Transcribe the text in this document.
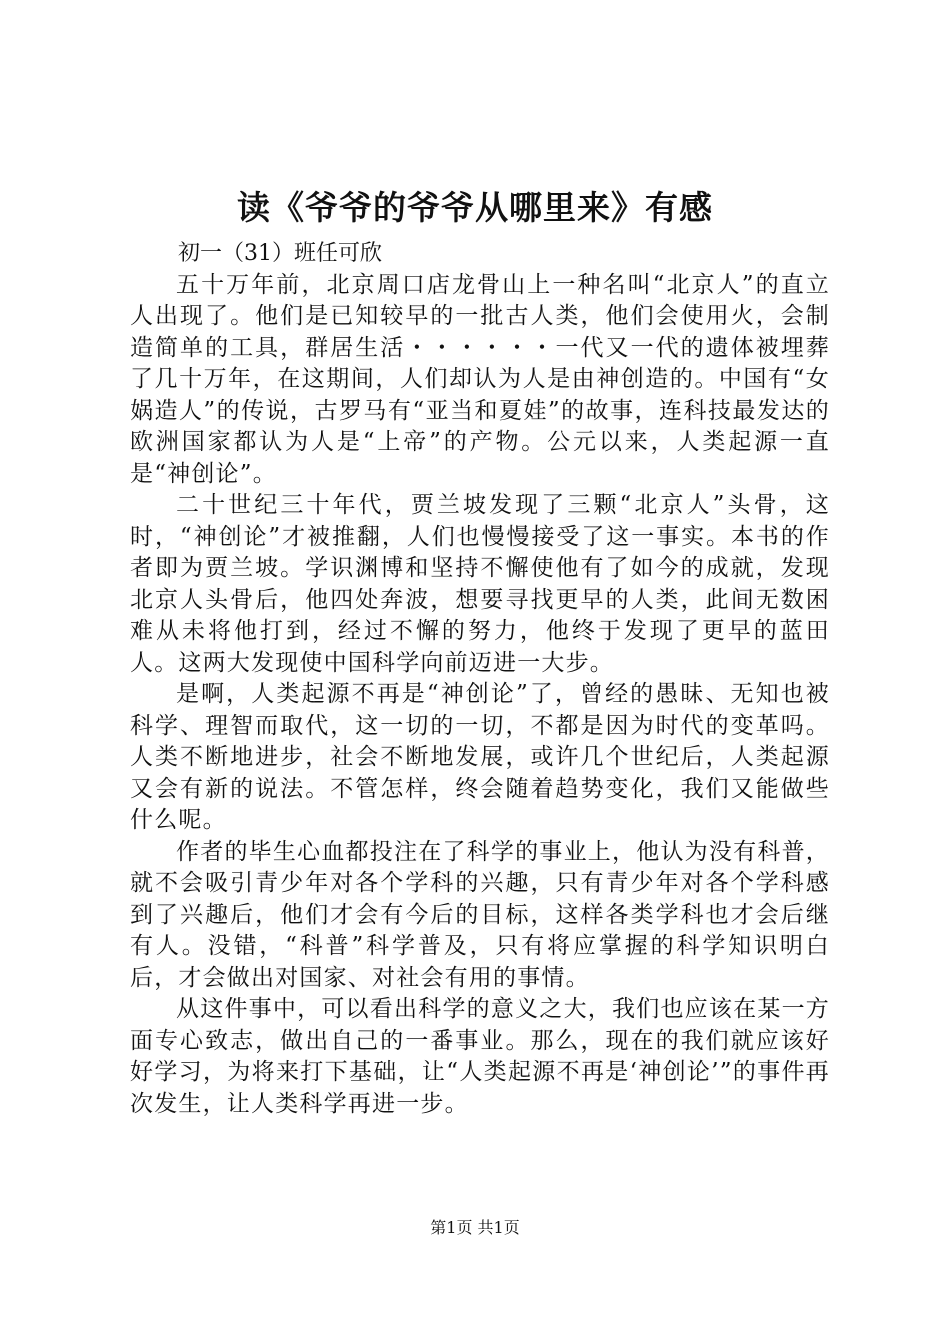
读《爷爷的爷爷从哪里来》有感

初一（31）班任可欣

五十万年前，北京周口店龙骨山上一种名叫“北京人”的直立人出现了。他们是已知较早的一批古人类，他们会使用火，会制造简单的工具，群居生活・・・・・・一代又一代的遗体被埋葬了几十万年，在这期间，人们却认为人是由神创造的。中国有“女娲造人”的传说，古罗马有“亚当和夏娃”的故事，连科技最发达的欧洲国家都认为人是“上帝”的产物。公元以来，人类起源一直是“神创论”。

二十世纪三十年代，贾兰坡发现了三颗“北京人”头骨，这时，“神创论”才被推翻，人们也慢慢接受了这一事实。本书的作者即为贾兰坡。学识渊博和坚持不懈使他有了如今的成就，发现北京人头骨后，他四处奔波，想要寻找更早的人类，此间无数困难从未将他打到，经过不懈的努力，他终于发现了更早的蓝田人。这两大发现使中国科学向前迈进一大步。

是啊，人类起源不再是“神创论”了，曾经的愚昧、无知也被科学、理智而取代，这一切的一切，不都是因为时代的变革吗。人类不断地进步，社会不断地发展，或许几个世纪后，人类起源又会有新的说法。不管怎样，终会随着趋势变化，我们又能做些什么呢。

作者的毕生心血都投注在了科学的事业上，他认为没有科普，就不会吸引青少年对各个学科的兴趣，只有青少年对各个学科感到了兴趣后，他们才会有今后的目标，这样各类学科也才会后继有人。没错，“科普”科学普及，只有将应掌握的科学知识明白后，才会做出对国家、对社会有用的事情。

从这件事中，可以看出科学的意义之大，我们也应该在某一方面专心致志，做出自己的一番事业。那么，现在的我们就应该好好学习，为将来打下基础，让“人类起源不再是‘神创论’”的事件再次发生，让人类科学再进一步。

第1页 共1页
